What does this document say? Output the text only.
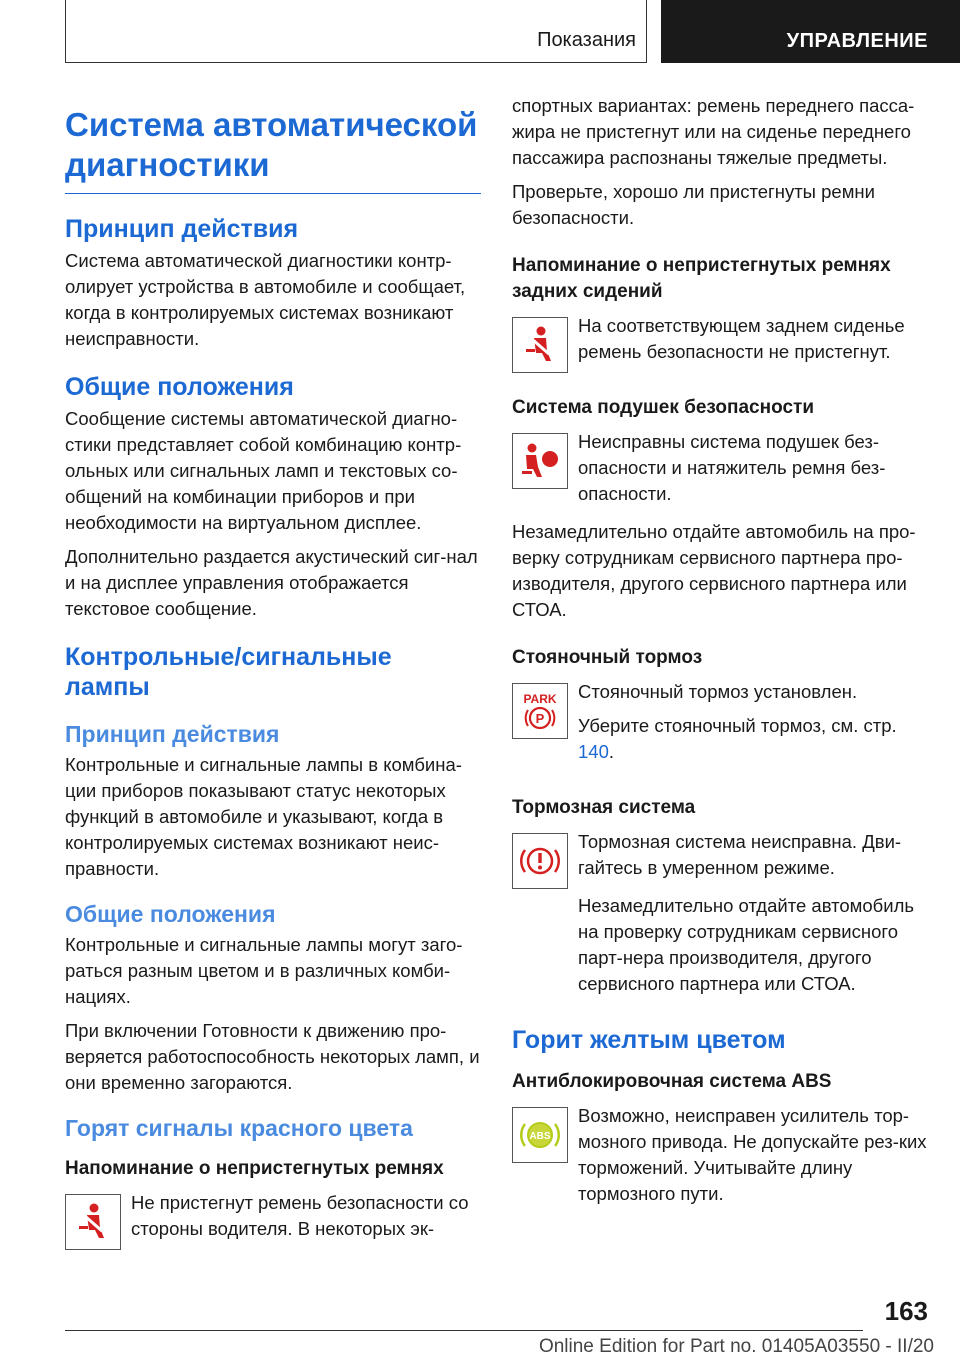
Показания	УПРАВЛЕНИЕ
Система автоматической диагностики
Принцип действия

Система автоматической диагностики контр-олирует устройства в автомобиле и сообщает, когда в контролируемых системах возникают неисправности.

Общие положения

Сообщение системы автоматической диагно-стики представляет собой комбинацию контр-ольных или сигнальных ламп и текстовых со-общений на комбинации приборов и при необходимости на виртуальном дисплее.

Дополнительно раздается акустический сиг-нал и на дисплее управления отображается текстовое сообщение.

Контрольные/сигнальные лампы
Принцип действия

Контрольные и сигнальные лампы в комбина-ции приборов показывают статус некоторых функций в автомобиле и указывают, когда в контролируемых системах возникают неис-правности.

Общие положения

Контрольные и сигнальные лампы могут заго-раться разным цветом и в различных комби-нациях.

При включении Готовности к движению про-веряется работоспособность некоторых ламп, и они временно загораются.

Горят сигналы красного цвета
Напоминание о непристегнутых ремнях

Не пристегнут ремень безопасности со стороны водителя. В некоторых эк-

спортных вариантах: ремень переднего пасса-жира не пристегнут или на сиденье переднего пассажира распознаны тяжелые предметы.

Проверьте, хорошо ли пристегнуты ремни безопасности.

Напоминание о непристегнутых ремнях задних сидений

На соответствующем заднем сиденье ремень безопасности не пристегнут.

Система подушек безопасности

Неисправны система подушек без-опасности и натяжитель ремня без-опасности.

Незамедлительно отдайте автомобиль на про-верку сотрудникам сервисного партнера про-изводителя, другого сервисного партнера или СТОА.

Стояночный тормоз
PARK
P

Стояночный тормоз установлен.

Уберите стояночный тормоз, см. стр. 140.

Тормозная система

Тормозная система неисправна. Дви-гайтесь в умеренном режиме.

Незамедлительно отдайте автомобиль на проверку сотрудникам сервисного парт-нера производителя, другого сервисного партнера или СТОА.

Горит желтым цветом
Антиблокировочная система ABS
ABS

Возможно, неисправен усилитель тор-мозного привода. Не допускайте рез-ких торможений. Учитывайте длину тормозного пути.

163
Online Edition for Part no. 01405A03550 - II/20
